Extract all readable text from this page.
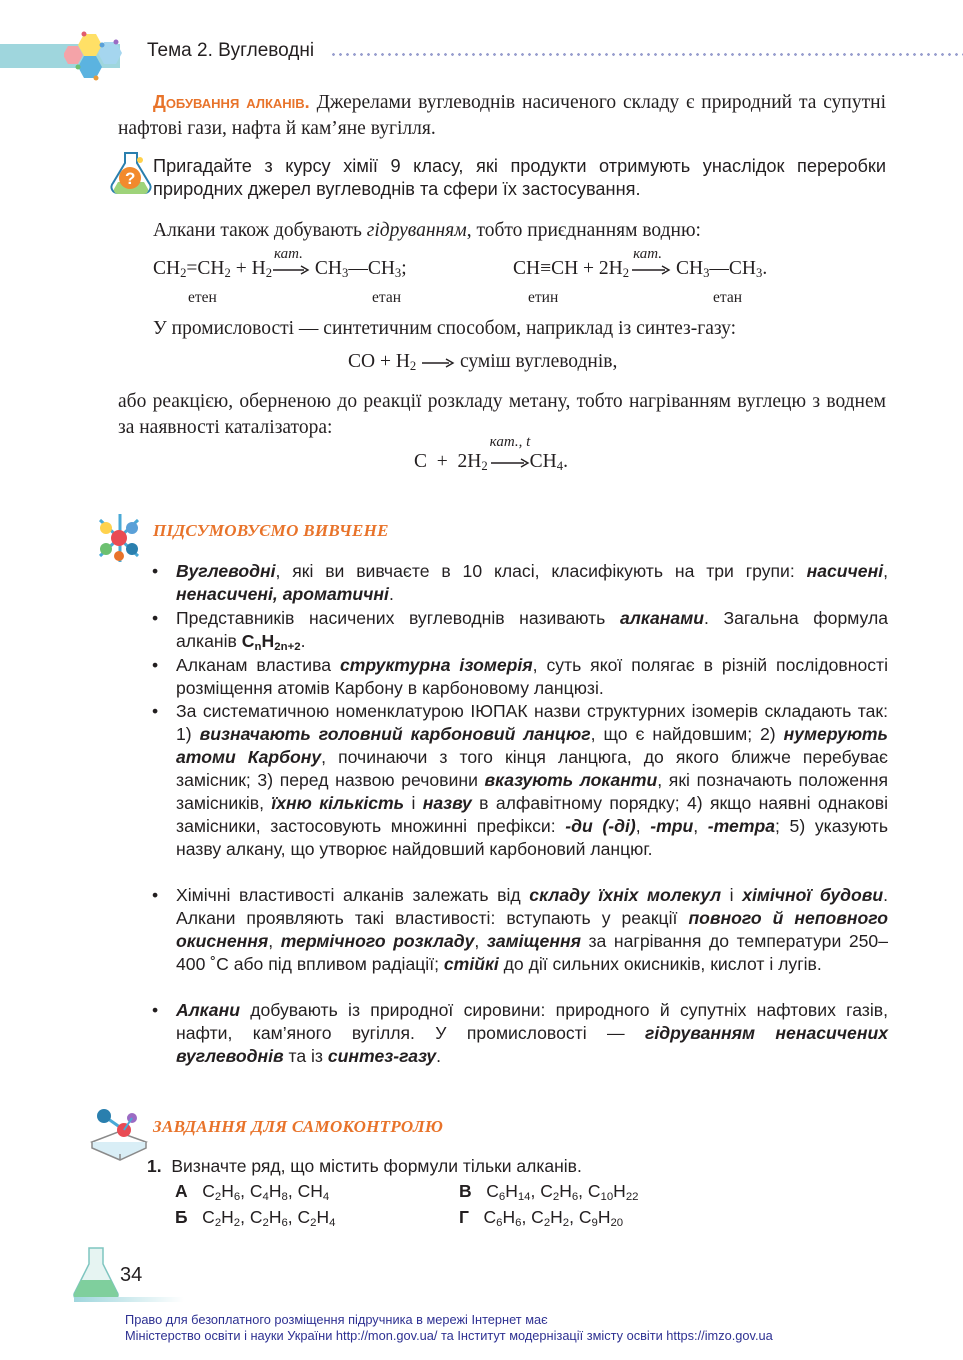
Тема 2. Вуглеводні
Добування алканів. Джерелами вуглеводнів насиченого складу є природний та супутні нафтові гази, нафта й кам’яне вугілля.
?
Пригадайте з курсу хімії 9 класу, які продукти отримують унаслідок переробки природних джерел вуглеводнів та сфери їх застосування.
Алкани також добувають гідруванням, тобто приєднанням водню:
$CH_2=CH_2 + H_2$
кат.
$CH_3—CH_3$;
етен	етан
$CH\equiv CH + 2H_2$
кат.
$CH_3—CH_3$.
етин	етан
У промисловості — синтетичним способом, наприклад із синтез-газу:
CO + $H_2$ суміш вуглеводнів,
або реакцією, оберненою до реакції розкладу метану, тобто нагріванням вуглецю з воднем за наявності каталізатора:
$C + 2H_2$
кат., t
$CH_4$.
ПІДСУМОВУЄМО ВИВЧЕНЕ
• Вуглеводні, які ви вивчаєте в 10 класі, класифікують на три групи: насичені, ненасичені, ароматичні.
• Представників насичених вуглеводнів називають алканами. Загальна формула алканів $C_nH_{2n+2}$.
• Алканам властива структурна ізомерія, суть якої полягає в різній послідовності розміщення атомів Карбону в карбоновому ланцюзі.
• За систематичною номенклатурою ІЮПАК назви структурних ізомерів складають так: 1) визначають головний карбоновий ланцюг, що є найдовшим; 2) нумерують атоми Карбону, починаючи з того кінця ланцюга, до якого ближче перебуває замісник; 3) перед назвою речовини вказують локанти, які позначають положення замісників, їхню кількість і назву в алфавітному порядку; 4) якщо наявні однакові замісники, застосовують множинні префікси: -ди (-ді), -три, -тетра; 5) указують назву алкану, що утворює найдовший карбоновий ланцюг.
• Хімічні властивості алканів залежать від складу їхніх молекул і хімічної будови. Алкани проявляють такі властивості: вступають у реакції повного й неповного окиснення, термічного розкладу, заміщення за нагрівання до температури 250–400 ˚С або під впливом радіації; стійкі до дії сильних окисників, кислот і лугів.
• Алкани добувають із природної сировини: природного й супутніх нафтових газів, нафти, кам’яного вугілля. У промисловості — гідруванням ненасичених вуглеводнів та із синтез-газу.
ЗАВДАННЯ ДЛЯ САМОКОНТРОЛЮ
1. Визначте ряд, що містить формули тільки алканів.
А   $C_2H_6$, $C_4H_8$, $CH_4$
Б   $C_2H_2$, $C_2H_6$, $C_2H_4$
В   $C_6H_{14}$, $C_2H_6$, $C_{10}H_{22}$
Г   $C_6H_6$, $C_2H_2$, $C_9H_{20}$
34
Право для безоплатного розміщення підручника в мережі Інтернет має
Міністерство освіти і науки України http://mon.gov.ua/ та Інститут модернізації змісту освіти https://imzo.gov.ua
